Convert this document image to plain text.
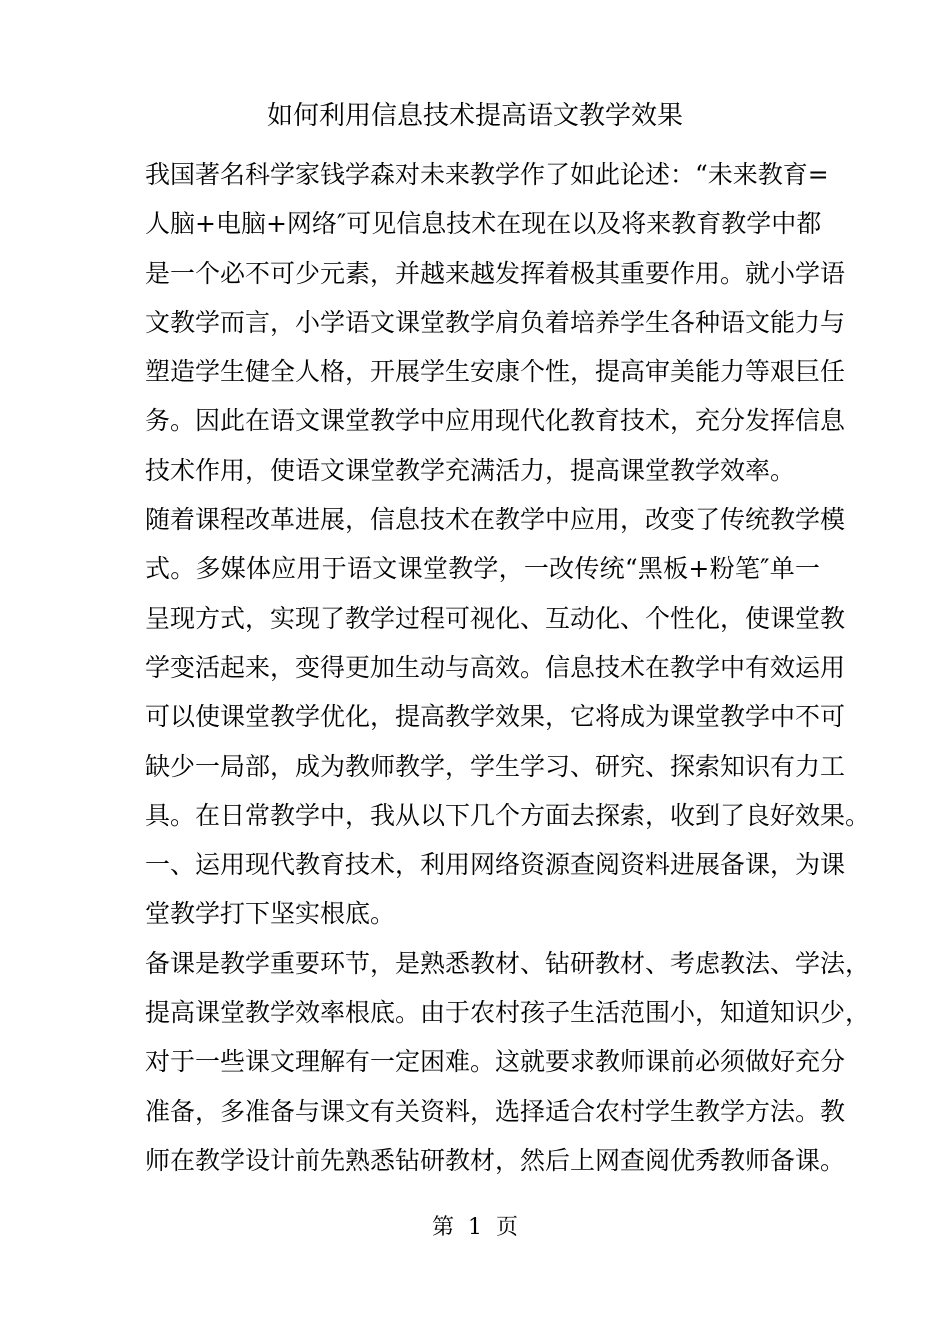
如何利用信息技术提高语文教学效果
我国著名科学家钱学森对未来教学作了如此论述：“未来教育=
人脑+电脑+网络″可见信息技术在现在以及将来教育教学中都
是一个必不可少元素，并越来越发挥着极其重要作用。就小学语
文教学而言，小学语文课堂教学肩负着培养学生各种语文能力与
塑造学生健全人格，开展学生安康个性，提高审美能力等艰巨任
务。因此在语文课堂教学中应用现代化教育技术，充分发挥信息
技术作用，使语文课堂教学充满活力，提高课堂教学效率。
随着课程改革进展，信息技术在教学中应用，改变了传统教学模
式。多媒体应用于语文课堂教学，一改传统“黑板+粉笔″单一
呈现方式，实现了教学过程可视化、互动化、个性化，使课堂教
学变活起来，变得更加生动与高效。信息技术在教学中有效运用
可以使课堂教学优化，提高教学效果，它将成为课堂教学中不可
缺少一局部，成为教师教学，学生学习、研究、探索知识有力工
具。在日常教学中，我从以下几个方面去探索，收到了良好效果。
一、运用现代教育技术，利用网络资源查阅资料进展备课，为课
堂教学打下坚实根底。
备课是教学重要环节，是熟悉教材、钻研教材、考虑教法、学法，
提高课堂教学效率根底。由于农村孩子生活范围小，知道知识少，
对于一些课文理解有一定困难。这就要求教师课前必须做好充分
准备，多准备与课文有关资料，选择适合农村学生教学方法。教
师在教学设计前先熟悉钻研教材，然后上网查阅优秀教师备课。
第  1  页
